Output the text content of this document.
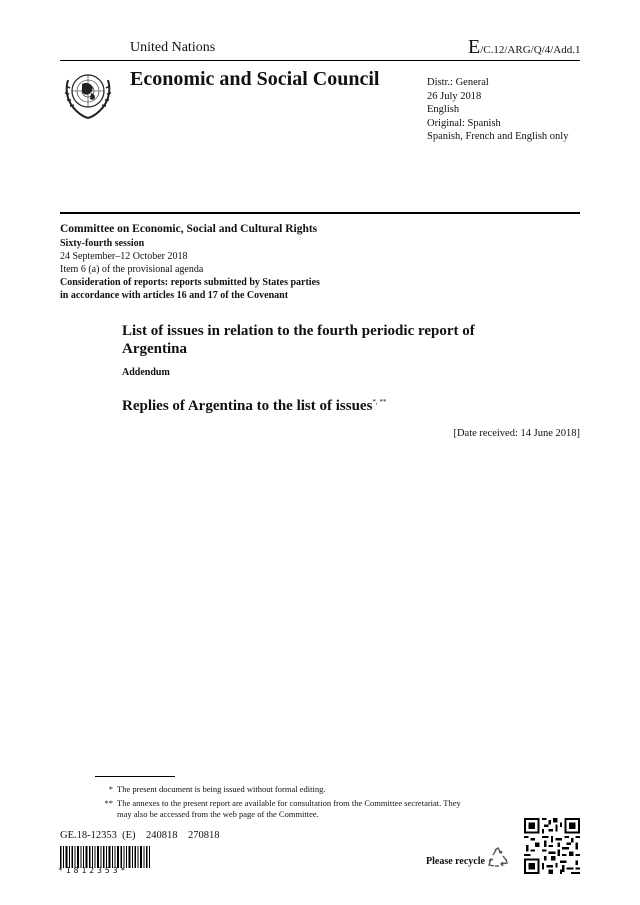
United Nations	E/C.12/ARG/Q/4/Add.1
Economic and Social Council	Distr.: General
26 July 2018
English
Original: Spanish
Spanish, French and English only
Committee on Economic, Social and Cultural Rights
Sixty-fourth session
24 September–12 October 2018
Item 6 (a) of the provisional agenda
Consideration of reports: reports submitted by States parties
in accordance with articles 16 and 17 of the Covenant
List of issues in relation to the fourth periodic report of
Argentina
Addendum
Replies of Argentina to the list of issues*, **
[Date received: 14 June 2018]
* The present document is being issued without formal editing.
** The annexes to the present report are available for consultation from the Committee secretariat. They
may also be accessed from the web page of the Committee.
GE.18-12353  (E)    240818    270818
*1812353*
Please recycle
